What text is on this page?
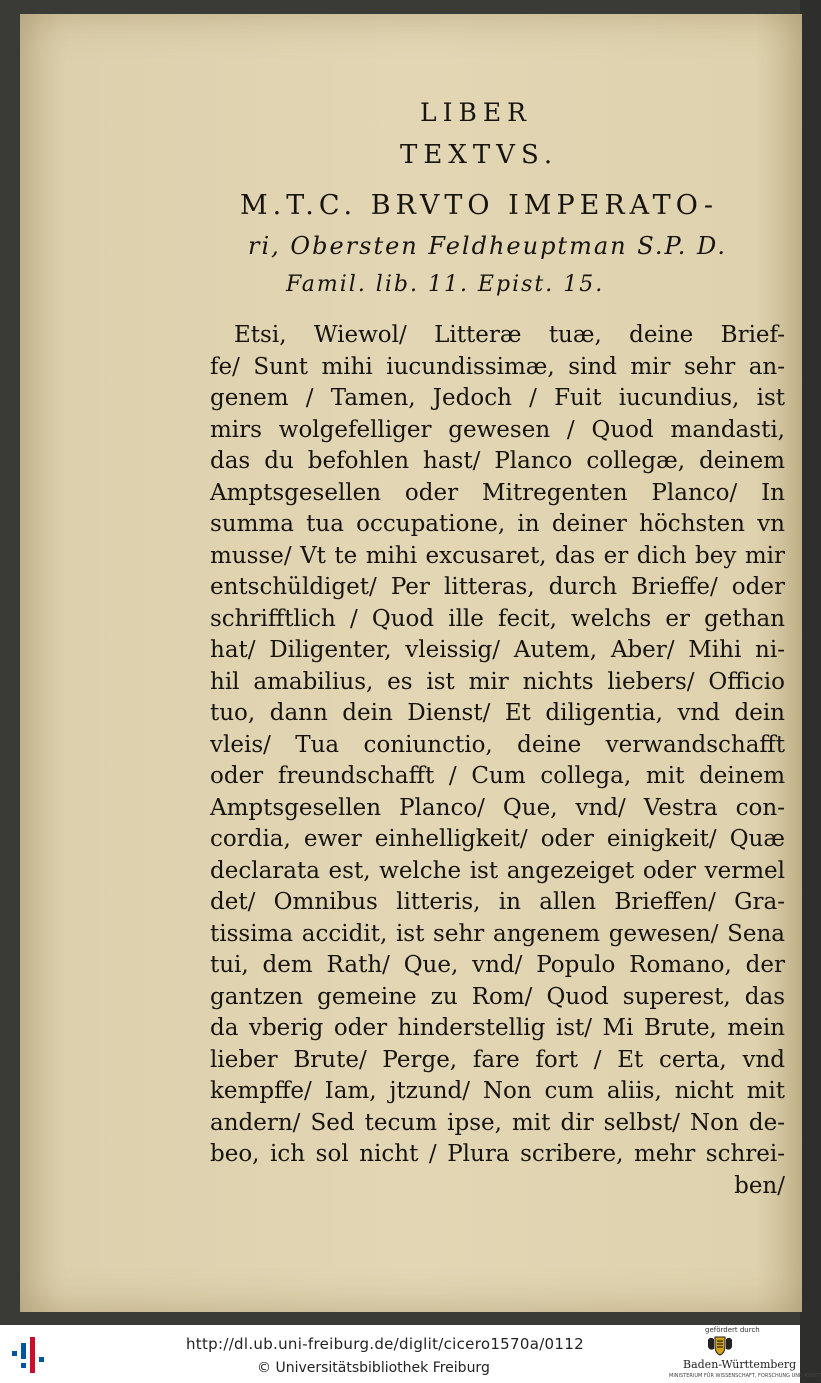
LIBER
TEXTVS.
M.T.C. BRVTO IMPERATO-
ri, Obersten Feldheuptman S.P. D.
Famil. lib. 11. Epist. 15.
Etsi, Wiewol/ Litteræ tuæ, deine Brief-
fe/ Sunt mihi iucundissimæ, sind mir sehr an-
genem / Tamen, Jedoch / Fuit iucundius, ist
mirs wolgefelliger gewesen / Quod mandasti,
das du befohlen hast/ Planco collegæ, deinem
Amptsgesellen oder Mitregenten Planco/ In
summa tua occupatione, in deiner höchsten vn
musse/ Vt te mihi excusaret, das er dich bey mir
entschüldiget/ Per litteras, durch Brieffe/ oder
schrifftlich / Quod ille fecit, welchs er gethan
hat/ Diligenter, vleissig/ Autem, Aber/ Mihi ni-
hil amabilius, es ist mir nichts liebers/ Officio
tuo, dann dein Dienst/ Et diligentia, vnd dein
vleis/ Tua coniunctio, deine verwandschafft
oder freundschafft / Cum collega, mit deinem
Amptsgesellen Planco/ Que, vnd/ Vestra con-
cordia, ewer einhelligkeit/ oder einigkeit/ Quæ
declarata est, welche ist angezeiget oder vermel
det/ Omnibus litteris, in allen Brieffen/ Gra-
tissima accidit, ist sehr angenem gewesen/ Sena
tui, dem Rath/ Que, vnd/ Populo Romano, der
gantzen gemeine zu Rom/ Quod superest, das
da vberig oder hinderstellig ist/ Mi Brute, mein
lieber Brute/ Perge, fare fort / Et certa, vnd
kempffe/ Iam, jtzund/ Non cum aliis, nicht mit
andern/ Sed tecum ipse, mit dir selbst/ Non de-
beo, ich sol nicht / Plura scribere, mehr schrei-
ben/
http://dl.ub.uni-freiburg.de/diglit/cicero1570a/0112
© Universitätsbibliothek Freiburg
gefördert durch
Baden-Württemberg
MINISTERIUM FÜR WISSENSCHAFT, FORSCHUNG UND KUNST
